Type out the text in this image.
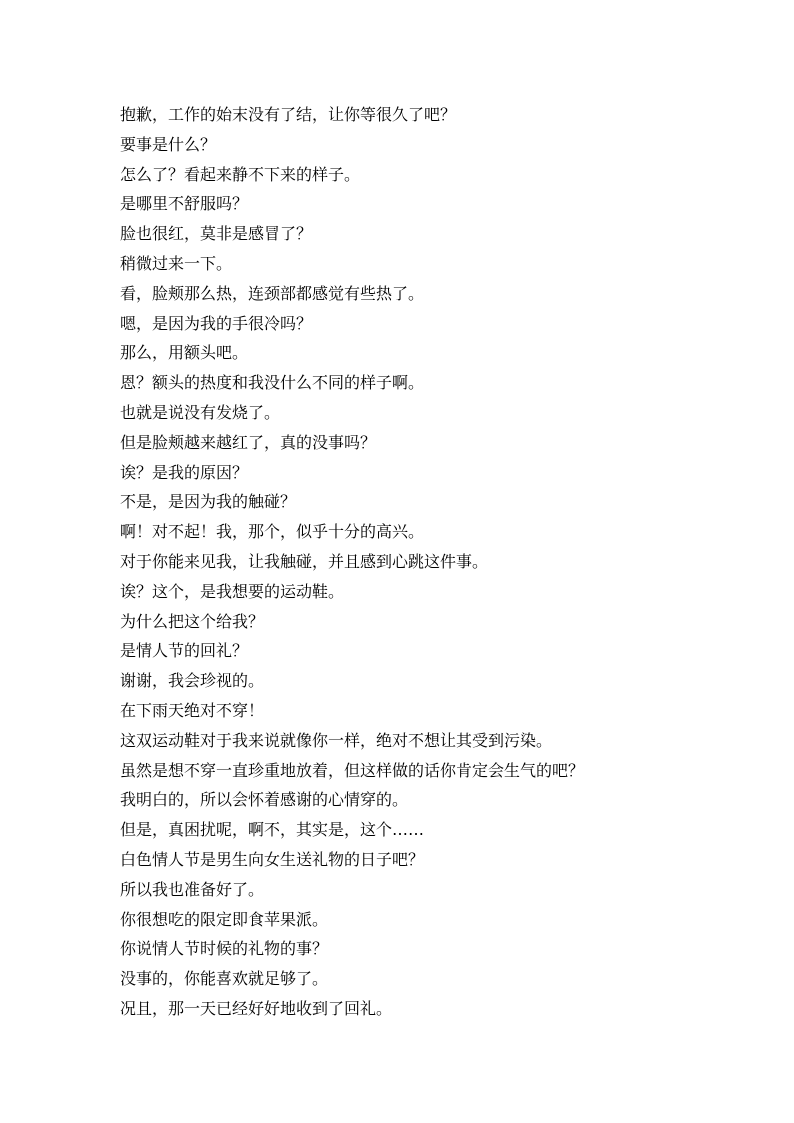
抱歉，工作的始末没有了结，让你等很久了吧？
要事是什么？
怎么了？看起来静不下来的样子。
是哪里不舒服吗？
脸也很红，莫非是感冒了？
稍微过来一下。
看，脸颊那么热，连颈部都感觉有些热了。
嗯，是因为我的手很冷吗？
那么，用额头吧。
恩？额头的热度和我没什么不同的样子啊。
也就是说没有发烧了。
但是脸颊越来越红了，真的没事吗？
诶？是我的原因？
不是，是因为我的触碰？
啊！对不起！我，那个，似乎十分的高兴。
对于你能来见我，让我触碰，并且感到心跳这件事。
诶？这个，是我想要的运动鞋。
为什么把这个给我？
是情人节的回礼？
谢谢，我会珍视的。
在下雨天绝对不穿！
这双运动鞋对于我来说就像你一样，绝对不想让其受到污染。
虽然是想不穿一直珍重地放着，但这样做的话你肯定会生气的吧？
我明白的，所以会怀着感谢的心情穿的。
但是，真困扰呢，啊不，其实是，这个……
白色情人节是男生向女生送礼物的日子吧？
所以我也准备好了。
你很想吃的限定即食苹果派。
你说情人节时候的礼物的事？
没事的，你能喜欢就足够了。
况且，那一天已经好好地收到了回礼。
